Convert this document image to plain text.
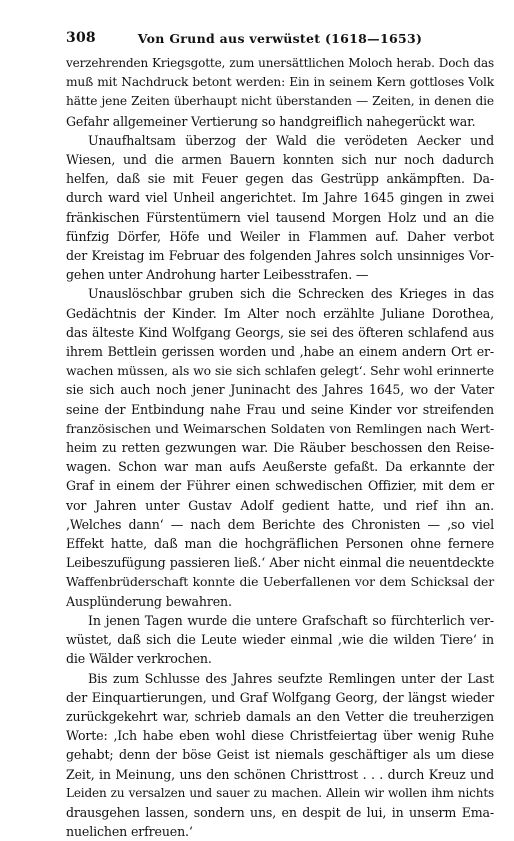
308	Von Grund aus verwüstet (1618—1653)

verzehrenden Kriegsgotte, zum unersättlichen Moloch herab. Doch das

muß mit Nachdruck betont werden: Ein in seinem Kern gottloses Volk

hätte jene Zeiten überhaupt nicht überstanden — Zeiten, in denen die

Gefahr allgemeiner Vertierung so handgreiflich nahegerückt war.

Unaufhaltsam überzog der Wald die verödeten Aecker und

Wiesen, und die armen Bauern konnten sich nur noch dadurch

helfen, daß sie mit Feuer gegen das Gestrüpp ankämpften. Da-

durch ward viel Unheil angerichtet. Im Jahre 1645 gingen in zwei

fränkischen Fürstentümern viel tausend Morgen Holz und an die

fünfzig Dörfer, Höfe und Weiler in Flammen auf. Daher verbot

der Kreistag im Februar des folgenden Jahres solch unsinniges Vor-

gehen unter Androhung harter Leibesstrafen. —

Unauslöschbar gruben sich die Schrecken des Krieges in das

Gedächtnis der Kinder. Im Alter noch erzählte Juliane Dorothea,

das älteste Kind Wolfgang Georgs, sie sei des öfteren schlafend aus

ihrem Bettlein gerissen worden und ‚habe an einem andern Ort er-

wachen müssen, als wo sie sich schlafen gelegt‘. Sehr wohl erinnerte

sie sich auch noch jener Juninacht des Jahres 1645, wo der Vater

seine der Entbindung nahe Frau und seine Kinder vor streifenden

französischen und Weimarschen Soldaten von Remlingen nach Wert-

heim zu retten gezwungen war. Die Räuber beschossen den Reise-

wagen. Schon war man aufs Aeußerste gefaßt. Da erkannte der

Graf in einem der Führer einen schwedischen Offizier, mit dem er

vor Jahren unter Gustav Adolf gedient hatte, und rief ihn an.

‚Welches dann‘ — nach dem Berichte des Chronisten — ‚so viel

Effekt hatte, daß man die hochgräflichen Personen ohne fernere

Leibeszufügung passieren ließ.‘ Aber nicht einmal die neuentdeckte

Waffenbrüderschaft konnte die Ueberfallenen vor dem Schicksal der

Ausplünderung bewahren.

In jenen Tagen wurde die untere Grafschaft so fürchterlich ver-

wüstet, daß sich die Leute wieder einmal ‚wie die wilden Tiere‘ in

die Wälder verkrochen.

Bis zum Schlusse des Jahres seufzte Remlingen unter der Last

der Einquartierungen, und Graf Wolfgang Georg, der längst wieder

zurückgekehrt war, schrieb damals an den Vetter die treuherzigen

Worte: ‚Ich habe eben wohl diese Christfeiertag über wenig Ruhe

gehabt; denn der böse Geist ist niemals geschäftiger als um diese

Zeit, in Meinung, uns den schönen Christtrost . . . durch Kreuz und

Leiden zu versalzen und sauer zu machen. Allein wir wollen ihm nichts

drausgehen lassen, sondern uns, en despit de lui, in unserm Ema-

nuelichen erfreuen.‘
